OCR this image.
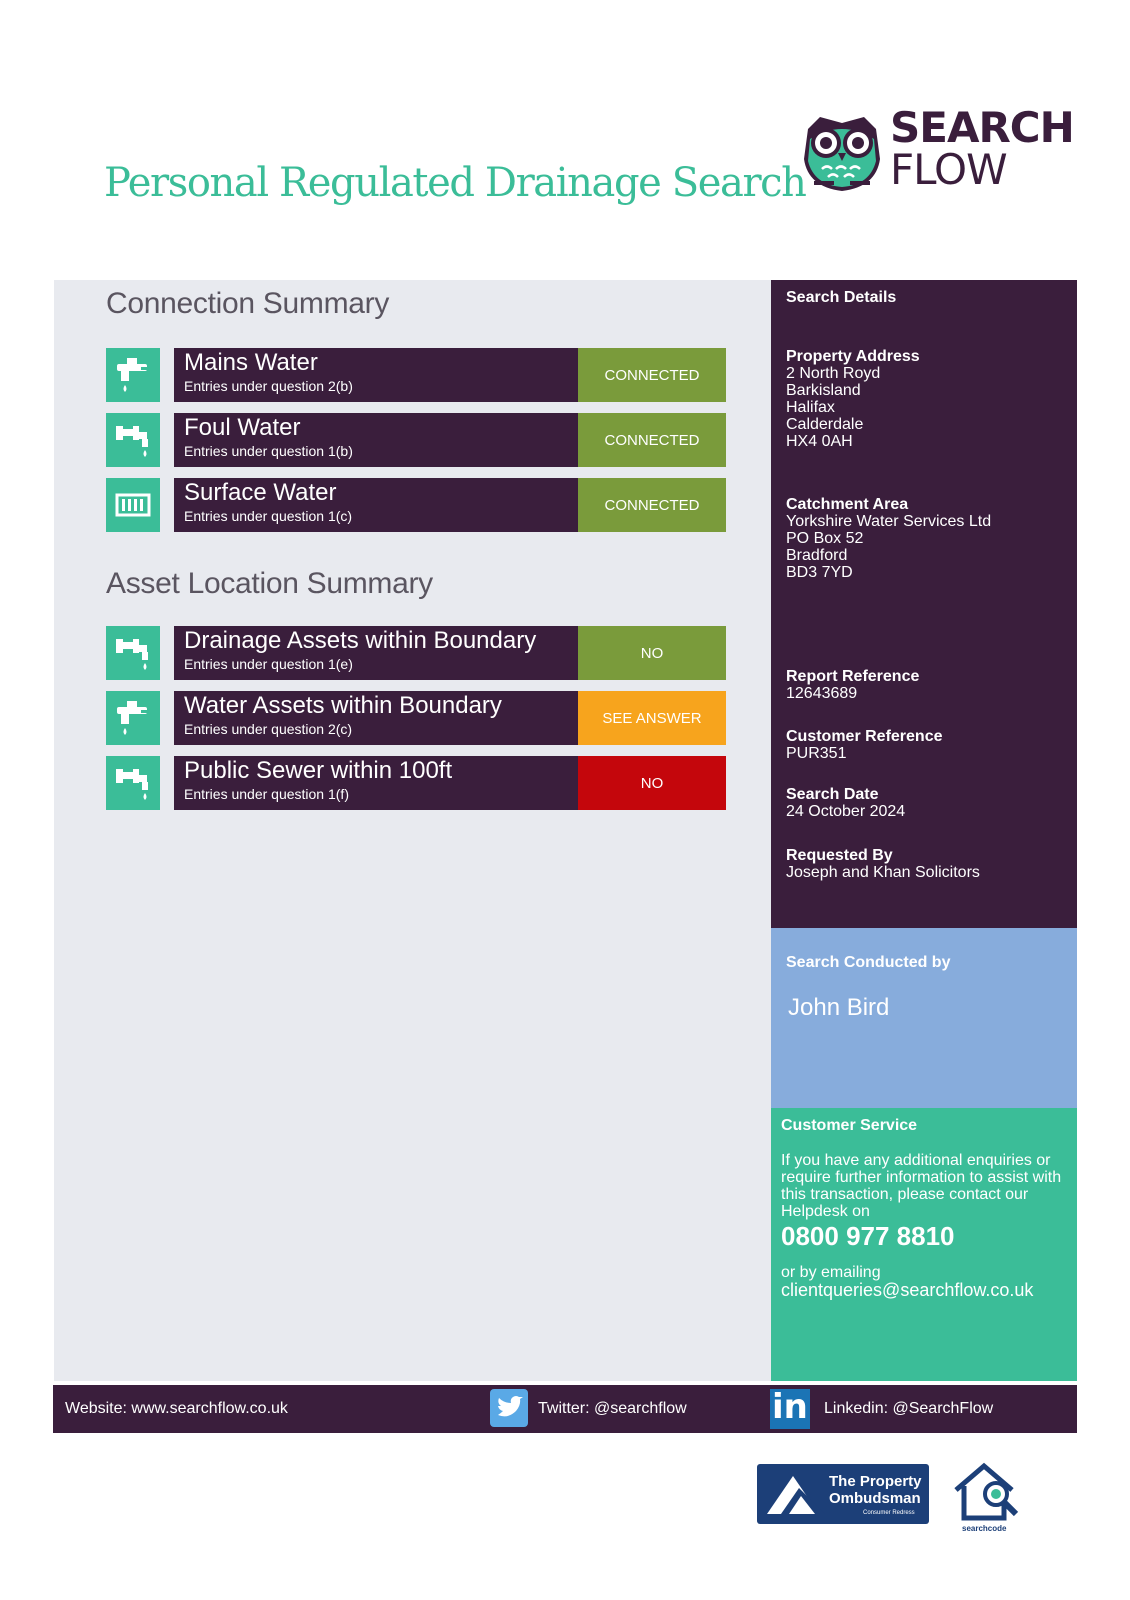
Personal Regulated Drainage Search
SEARCH
FLOW
Connection Summary
Mains Water
Entries under question 2(b)
CONNECTED
Foul Water
Entries under question 1(b)
CONNECTED
Surface Water
Entries under question 1(c)
CONNECTED
Asset Location Summary
Drainage Assets within Boundary
Entries under question 1(e)
NO
Water Assets within Boundary
Entries under question 2(c)
SEE ANSWER
Public Sewer within 100ft
Entries under question 1(f)
NO
Search Details
Property Address
2 North Royd
Barkisland
Halifax
Calderdale
HX4 0AH
Catchment Area
Yorkshire Water Services Ltd
PO Box 52
Bradford
BD3 7YD
Report Reference
12643689
Customer Reference
PUR351
Search Date
24 October 2024
Requested By
Joseph and Khan Solicitors
Search Conducted by
John Bird
Customer Service
If you have any additional enquiries or require further information to assist with this transaction, please contact our Helpdesk on
0800 977 8810
or by emailing
clientqueries@searchflow.co.uk
Website: www.searchflow.co.uk	Twitter: @searchflow	in Linkedin: @SearchFlow
The Property
Ombudsman
Consumer Redress
searchcode
